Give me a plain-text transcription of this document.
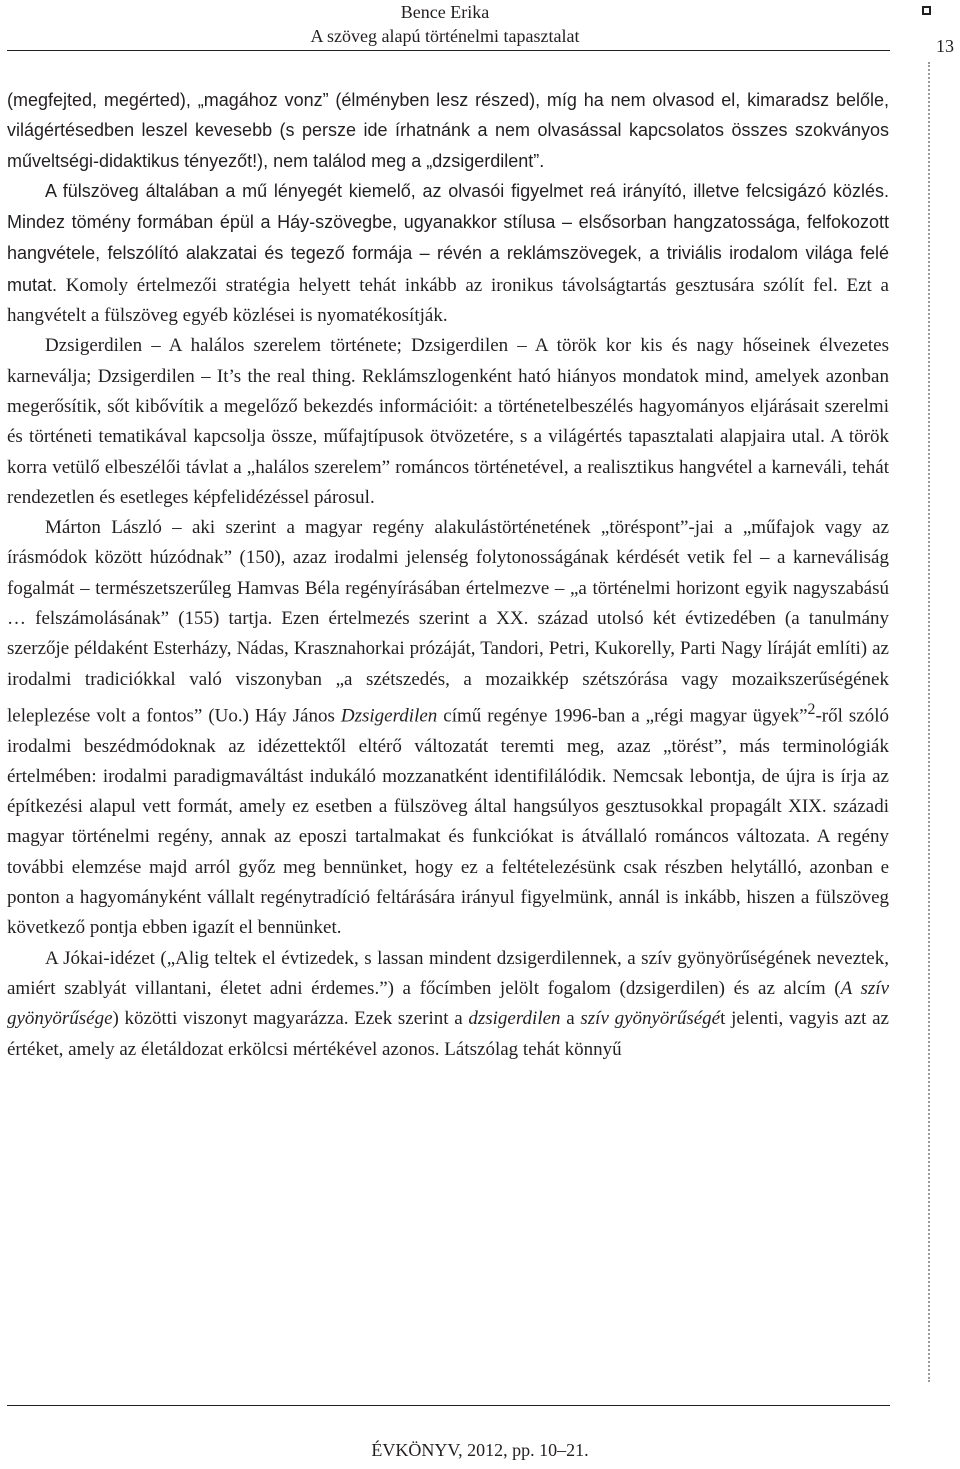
Bence Erika
A szöveg alapú történelmi tapasztalat	13

(megfejted, megérted), „magához vonz” (élményben lesz részed), míg ha nem olvasod el, kimaradsz belőle, világértésedben leszel kevesebb (s persze ide írhatnánk a nem olvasással kapcsolatos összes szokványos műveltségi-didaktikus tényezőt!), nem találod meg a „dzsigerdilent”.

A fülszöveg általában a mű lényegét kiemelő, az olvasói figyelmet reá irányító, illetve felcsigázó közlés. Mindez tömény formában épül a Háy-szövegbe, ugyanakkor stílusa – elsősorban hangzatossága, felfokozott hangvétele, felszólító alakzatai és tegező formája – révén a reklámszövegek, a triviális irodalom világa felé mutat. Komoly értelmezői stratégia helyett tehát inkább az ironikus távolságtartás gesztusára szólít fel. Ezt a hangvételt a fülszöveg egyéb közlései is nyomatékosítják.

Dzsigerdilen – A halálos szerelem története; Dzsigerdilen – A török kor kis és nagy hőseinek élvezetes karneválja; Dzsigerdilen – It’s the real thing. Reklámszlogenként ható hiányos mondatok mind, amelyek azonban megerősítik, sőt kibővítik a megelőző bekezdés információit: a történetelbeszélés hagyományos eljárásait szerelmi és történeti tematikával kapcsolja össze, műfajtípusok ötvözetére, s a világértés tapasztalati alapjaira utal. A török korra vetülő elbeszélői távlat a „halálos szerelem” románcos történetével, a realisztikus hangvétel a karneváli, tehát rendezetlen és esetleges képfelidézéssel párosul.

Márton László – aki szerint a magyar regény alakulástörténetének „töréspont”-jai a „műfajok vagy az írásmódok között húzódnak” (150), azaz irodalmi jelenség folytonosságának kérdését vetik fel – a karneváliság fogalmát – természetszerűleg Hamvas Béla regényírásában értelmezve – „a történelmi horizont egyik nagyszabású … felszámolásának” (155) tartja. Ezen értelmezés szerint a XX. század utolsó két évtizedében (a tanulmány szerzője példaként Esterházy, Nádas, Krasznahorkai prózáját, Tandori, Petri, Kukorelly, Parti Nagy líráját említi) az irodalmi tradiciókkal való viszonyban „a szétszedés, a mozaikkép szétszórása vagy mozaikszerűségének leleplezése volt a fontos” (Uo.) Háy János Dzsigerdilen című regénye 1996-ban a „régi magyar ügyek”$^2$-ről szóló irodalmi beszédmódoknak az idézettektől eltérő változatát teremti meg, azaz „törést”, más terminológiák értelmében: irodalmi paradigmaváltást indukáló mozzanatként identifilálódik. Nemcsak lebontja, de újra is írja az építkezési alapul vett formát, amely ez esetben a fülszöveg által hangsúlyos gesztusokkal propagált XIX. századi magyar történelmi regény, annak az eposzi tartalmakat és funkciókat is átvállaló románcos változata. A regény további elemzése majd arról győz meg bennünket, hogy ez a feltételezésünk csak részben helytálló, azonban e ponton a hagyományként vállalt regénytradíció feltárására irányul figyelmünk, annál is inkább, hiszen a fülszöveg következő pontja ebben igazít el bennünket.

A Jókai-idézet („Alig teltek el évtizedek, s lassan mindent dzsigerdilennek, a szív gyönyörűségének neveztek, amiért szablyát villantani, életet adni érdemes.”) a főcímben jelölt fogalom (dzsigerdilen) és az alcím (A szív gyönyörűsége) közötti viszonyt magyarázza. Ezek szerint a dzsigerdilen a szív gyönyörűségét jelenti, vagyis azt az értéket, amely az életáldozat erkölcsi mértékével azonos. Látszólag tehát könnyű

ÉVKÖNYV, 2012, pp. 10–21.
